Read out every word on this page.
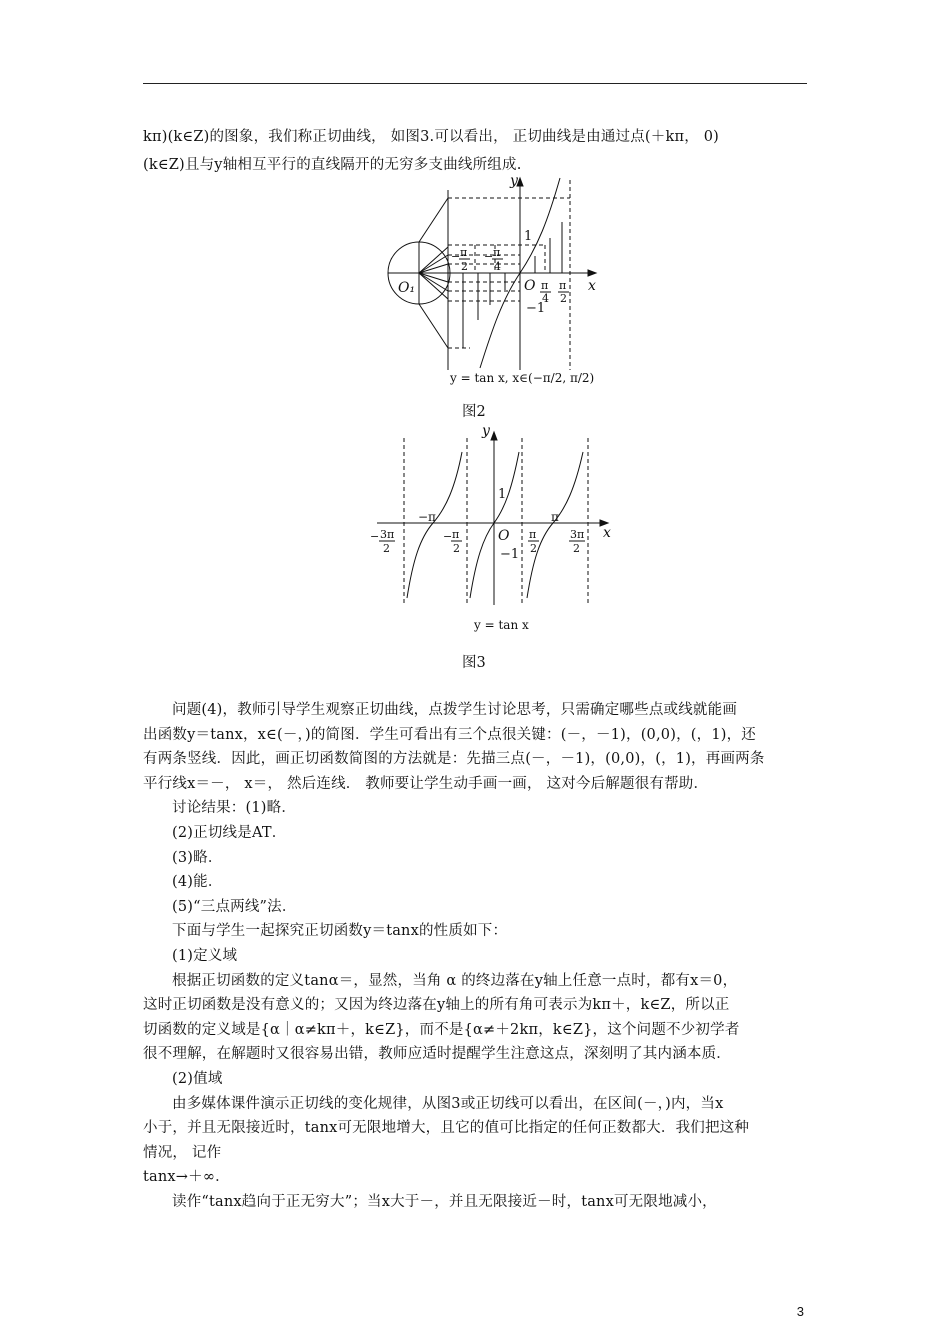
kπ)(k∈Z)的图象，我们称正切曲线， 如图3.可以看出， 正切曲线是由通过点(＋kπ， 0)
(k∈Z)且与y轴相互平行的直线隔开的无穷多支曲线所组成.
y
x
O₁
1
−1
O
− π
2
− π
4
π
4
π
2
y = tan x, x∈(−π/2, π/2)
y
x
O
1
−1
−π	π
− 3π
2
− π
2
π
2
3π
2
y = tan x
图2
图3
问题(4)，教师引导学生观察正切曲线，点拨学生讨论思考，只需确定哪些点或线就能画
出函数y＝tanx，x∈(－，)的简图．学生可看出有三个点很关键：(－，－1)，(0,0)，(，1)，还
有两条竖线．因此，画正切函数简图的方法就是：先描三点(－，－1)，(0,0)，(，1)，再画两条
平行线x＝－， x＝， 然后连线． 教师要让学生动手画一画， 这对今后解题很有帮助．
讨论结果：(1)略．
(2)正切线是AT．
(3)略．
(4)能．
(5)“三点两线”法．
下面与学生一起探究正切函数y＝tanx的性质如下：
(1)定义域
根据正切函数的定义tanα＝，显然，当角 α 的终边落在y轴上任意一点时，都有x＝0，
这时正切函数是没有意义的；又因为终边落在y轴上的所有角可表示为kπ＋，k∈Z，所以正
切函数的定义域是{α｜α≠kπ＋，k∈Z}，而不是{α≠＋2kπ，k∈Z}，这个问题不少初学者
很不理解，在解题时又很容易出错，教师应适时提醒学生注意这点，深刻明了其内涵本质．
(2)值域
由多媒体课件演示正切线的变化规律，从图3或正切线可以看出，在区间(－，)内，当x
小于，并且无限接近时，tanx可无限地增大，且它的值可比指定的任何正数都大．我们把这种
情况， 记作
tanx→＋∞．
读作“tanx趋向于正无穷大”；当x大于－，并且无限接近－时，tanx可无限地减小，
3
